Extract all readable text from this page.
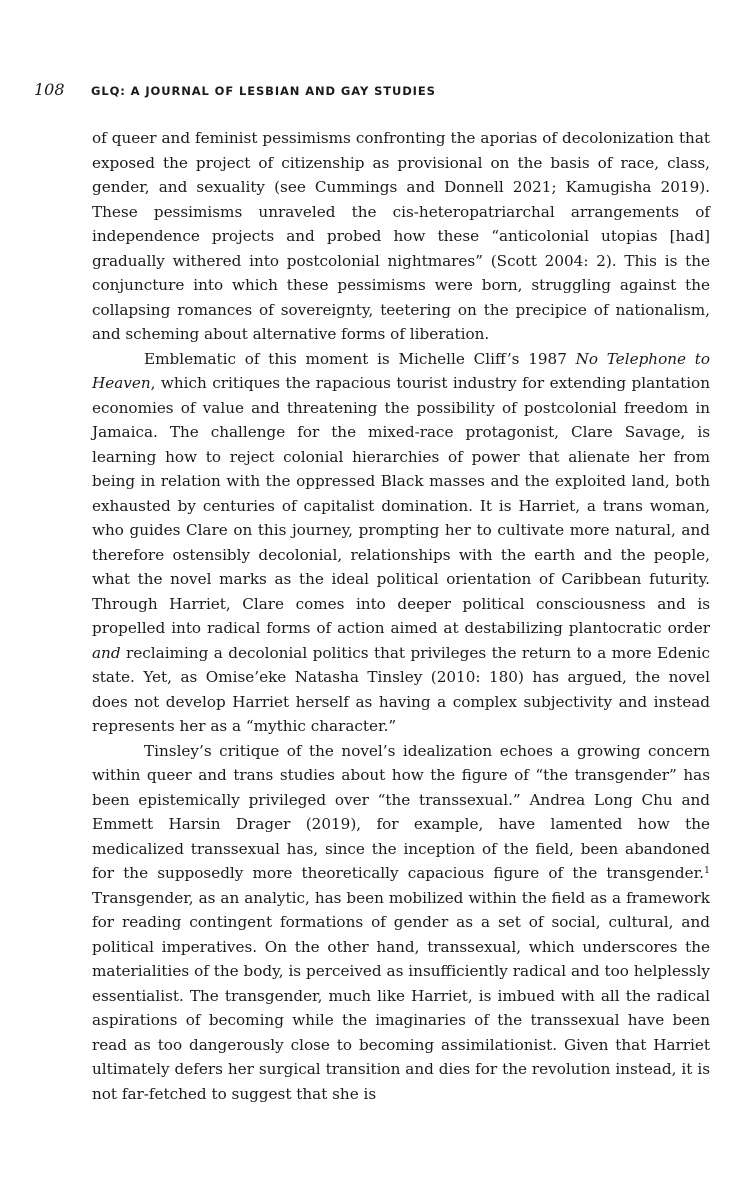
108	GLQ: A JOURNAL OF LESBIAN AND GAY STUDIES

of queer and feminist pessimisms confronting the aporias of decolonization that exposed the project of citizenship as provisional on the basis of race, class, gender, and sexuality (see Cummings and Donnell 2021; Kamugisha 2019). These pessimisms unraveled the cis-heteropatriarchal arrangements of independence projects and probed how these “anticolonial utopias [had] gradually withered into postcolonial nightmares” (Scott 2004: 2). This is the conjuncture into which these pessimisms were born, struggling against the collapsing romances of sovereignty, teetering on the precipice of nationalism, and scheming about alternative forms of liberation.

Emblematic of this moment is Michelle Cliff’s 1987 No Telephone to Heaven, which critiques the rapacious tourist industry for extending plantation economies of value and threatening the possibility of postcolonial freedom in Jamaica. The challenge for the mixed-race protagonist, Clare Savage, is learning how to reject colonial hierarchies of power that alienate her from being in relation with the oppressed Black masses and the exploited land, both exhausted by centuries of capitalist domination. It is Harriet, a trans woman, who guides Clare on this journey, prompting her to cultivate more natural, and therefore ostensibly decolonial, relationships with the earth and the people, what the novel marks as the ideal political orientation of Caribbean futurity. Through Harriet, Clare comes into deeper political consciousness and is propelled into radical forms of action aimed at destabilizing plantocratic order and reclaiming a decolonial politics that privileges the return to a more Edenic state. Yet, as Omise’eke Natasha Tinsley (2010: 180) has argued, the novel does not develop Harriet herself as having a complex subjectivity and instead represents her as a “mythic character.”

Tinsley’s critique of the novel’s idealization echoes a growing concern within queer and trans studies about how the figure of “the transgender” has been epistemically privileged over “the transsexual.” Andrea Long Chu and Emmett Harsin Drager (2019), for example, have lamented how the medicalized transsexual has, since the inception of the field, been abandoned for the supposedly more theoretically capacious figure of the transgender.$^1$ Transgender, as an analytic, has been mobilized within the field as a framework for reading contingent formations of gender as a set of social, cultural, and political imperatives. On the other hand, transsexual, which underscores the materialities of the body, is perceived as insufficiently radical and too helplessly essentialist. The transgender, much like Harriet, is imbued with all the radical aspirations of becoming while the imaginaries of the transsexual have been read as too dangerously close to becoming assimilationist. Given that Harriet ultimately defers her surgical transition and dies for the revolution instead, it is not far-fetched to suggest that she is
